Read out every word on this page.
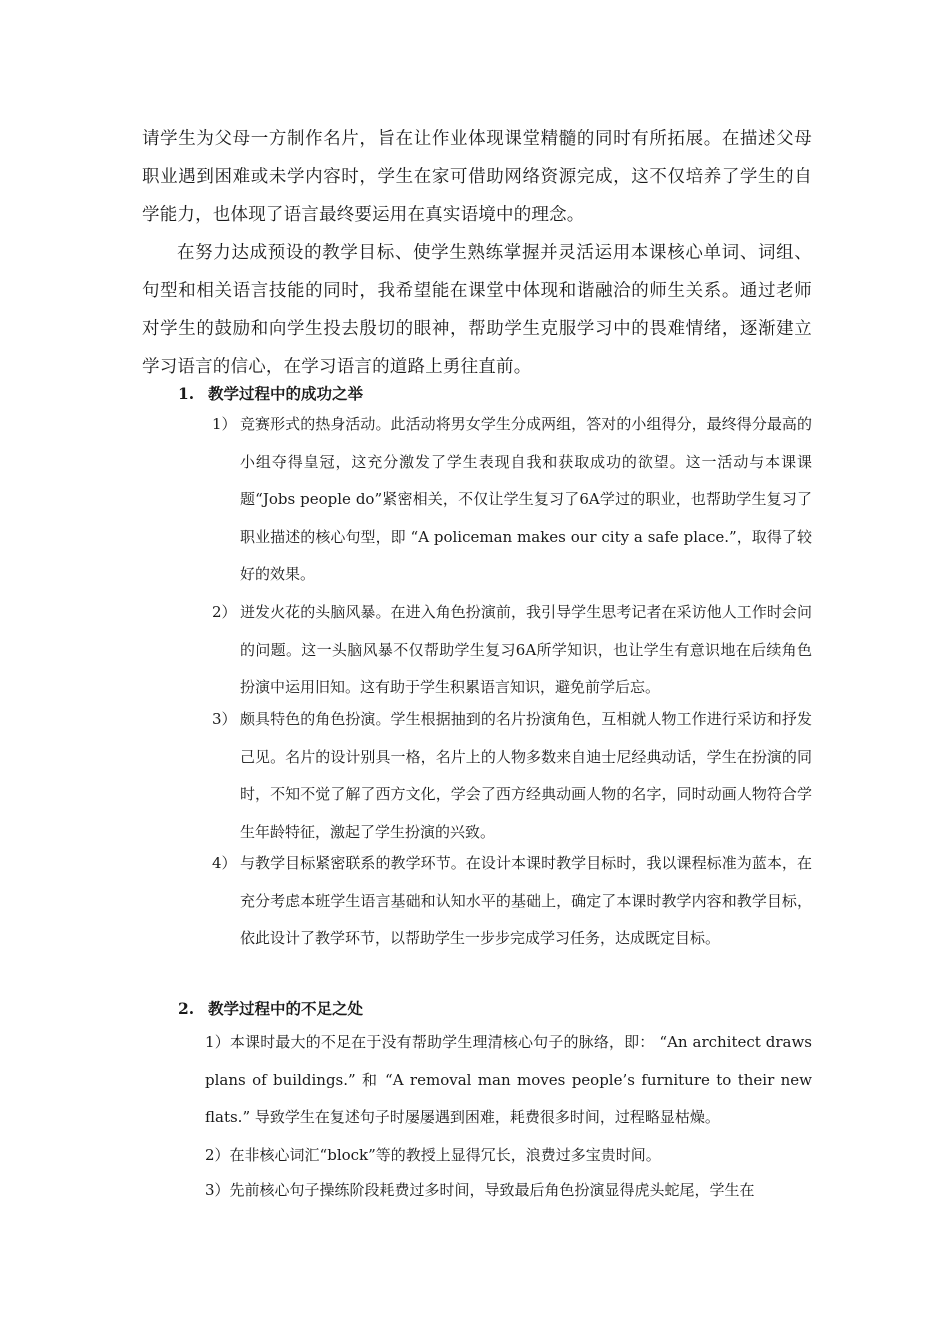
请学生为父母一方制作名片，旨在让作业体现课堂精髓的同时有所拓展。在描述父母职业遇到困难或未学内容时，学生在家可借助网络资源完成，这不仅培养了学生的自学能力，也体现了语言最终要运用在真实语境中的理念。

在努力达成预设的教学目标、使学生熟练掌握并灵活运用本课核心单词、词组、句型和相关语言技能的同时，我希望能在课堂中体现和谐融洽的师生关系。通过老师对学生的鼓励和向学生投去殷切的眼神，帮助学生克服学习中的畏难情绪，逐渐建立学习语言的信心，在学习语言的道路上勇往直前。

1. 教学过程中的成功之举
1） 竞赛形式的热身活动。此活动将男女学生分成两组，答对的小组得分，最终得分最高的小组夺得皇冠，这充分激发了学生表现自我和获取成功的欲望。这一活动与本课课题“Jobs people do”紧密相关，不仅让学生复习了6A学过的职业，也帮助学生复习了职业描述的核心句型，即 “A policeman makes our city a safe place.”，取得了较好的效果。
2） 迸发火花的头脑风暴。在进入角色扮演前，我引导学生思考记者在采访他人工作时会问的问题。这一头脑风暴不仅帮助学生复习6A所学知识，也让学生有意识地在后续角色扮演中运用旧知。这有助于学生积累语言知识，避免前学后忘。
3） 颇具特色的角色扮演。学生根据抽到的名片扮演角色，互相就人物工作进行采访和抒发己见。名片的设计别具一格，名片上的人物多数来自迪士尼经典动话，学生在扮演的同时，不知不觉了解了西方文化，学会了西方经典动画人物的名字，同时动画人物符合学生年龄特征，激起了学生扮演的兴致。
4） 与教学目标紧密联系的教学环节。在设计本课时教学目标时，我以课程标准为蓝本，在充分考虑本班学生语言基础和认知水平的基础上，确定了本课时教学内容和教学目标，依此设计了教学环节，以帮助学生一步步完成学习任务，达成既定目标。
2. 教学过程中的不足之处

1）本课时最大的不足在于没有帮助学生理清核心句子的脉络，即： “An architect draws plans of buildings.” 和 “A removal man moves people’s furniture to their new flats.” 导致学生在复述句子时屡屡遇到困难，耗费很多时间，过程略显枯燥。

2）在非核心词汇“block”等的教授上显得冗长，浪费过多宝贵时间。

3）先前核心句子操练阶段耗费过多时间，导致最后角色扮演显得虎头蛇尾，学生在
